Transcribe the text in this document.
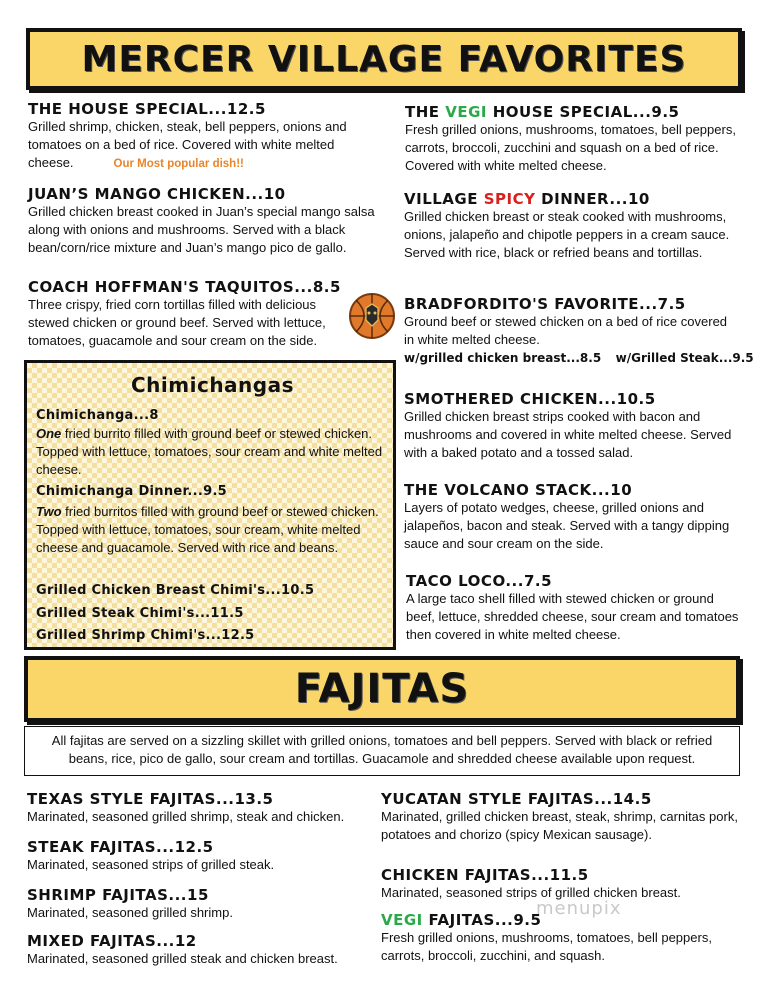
MERCER VILLAGE FAVORITES
THE HOUSE SPECIAL...12.5
Grilled shrimp, chicken, steak, bell peppers, onions and tomatoes on a bed of rice. Covered with white melted cheese.	Our Most popular dish!!
JUAN’S MANGO CHICKEN...10
Grilled chicken breast cooked in Juan’s special mango salsa along with onions and mushrooms. Served with a black bean/corn/rice mixture and Juan’s mango pico de gallo.
COACH HOFFMAN'S TAQUITOS...8.5
Three crispy, fried corn tortillas filled with delicious stewed chicken or ground beef. Served with lettuce, tomatoes, guacamole and sour cream on the side.
Chimichangas
Chimichanga...8
One fried burrito filled with ground beef or stewed chicken. Topped with lettuce, tomatoes, sour cream and white melted cheese.
Chimichanga Dinner...9.5
Two fried burritos filled with ground beef or stewed chicken. Topped with lettuce, tomatoes, sour cream, white melted cheese and guacamole. Served with rice and beans.
Grilled Chicken Breast Chimi's...10.5
Grilled Steak Chimi's...11.5
Grilled Shrimp Chimi's...12.5
THE VEGI HOUSE SPECIAL...9.5
Fresh grilled onions, mushrooms, tomatoes, bell peppers, carrots, broccoli, zucchini and squash on a bed of rice. Covered with white melted cheese.
VILLAGE SPICY DINNER...10
Grilled chicken breast or steak cooked with mushrooms, onions, jalapeño and chipotle peppers in a cream sauce. Served with rice, black or refried beans and tortillas.
BRADFORDITO'S FAVORITE...7.5
Ground beef or stewed chicken on a bed of rice covered in white melted cheese.
w/grilled chicken breast...8.5 w/Grilled Steak...9.5
SMOTHERED CHICKEN...10.5
Grilled chicken breast strips cooked with bacon and mushrooms and covered in white melted cheese. Served with a baked potato and a tossed salad.
THE VOLCANO STACK...10
Layers of potato wedges, cheese, grilled onions and jalapeños, bacon and steak. Served with a tangy dipping sauce and sour cream on the side.
TACO LOCO...7.5
A large taco shell filled with stewed chicken or ground beef, lettuce, shredded cheese, sour cream and tomatoes then covered in white melted cheese.
FAJITAS
All fajitas are served on a sizzling skillet with grilled onions, tomatoes and bell peppers. Served with black or refried beans, rice, pico de gallo, sour cream and tortillas. Guacamole and shredded cheese available upon request.
TEXAS STYLE FAJITAS...13.5
Marinated, seasoned grilled shrimp, steak and chicken.
STEAK FAJITAS...12.5
Marinated, seasoned strips of grilled steak.
SHRIMP FAJITAS...15
Marinated, seasoned grilled shrimp.
MIXED FAJITAS...12
Marinated, seasoned grilled steak and chicken breast.
YUCATAN STYLE FAJITAS...14.5
Marinated, grilled chicken breast, steak, shrimp, carnitas pork, potatoes and chorizo (spicy Mexican sausage).
CHICKEN FAJITAS...11.5
Marinated, seasoned strips of grilled chicken breast.
VEGI FAJITAS...9.5
Fresh grilled onions, mushrooms, tomatoes, bell peppers, carrots, broccoli, zucchini, and squash.
menupix
